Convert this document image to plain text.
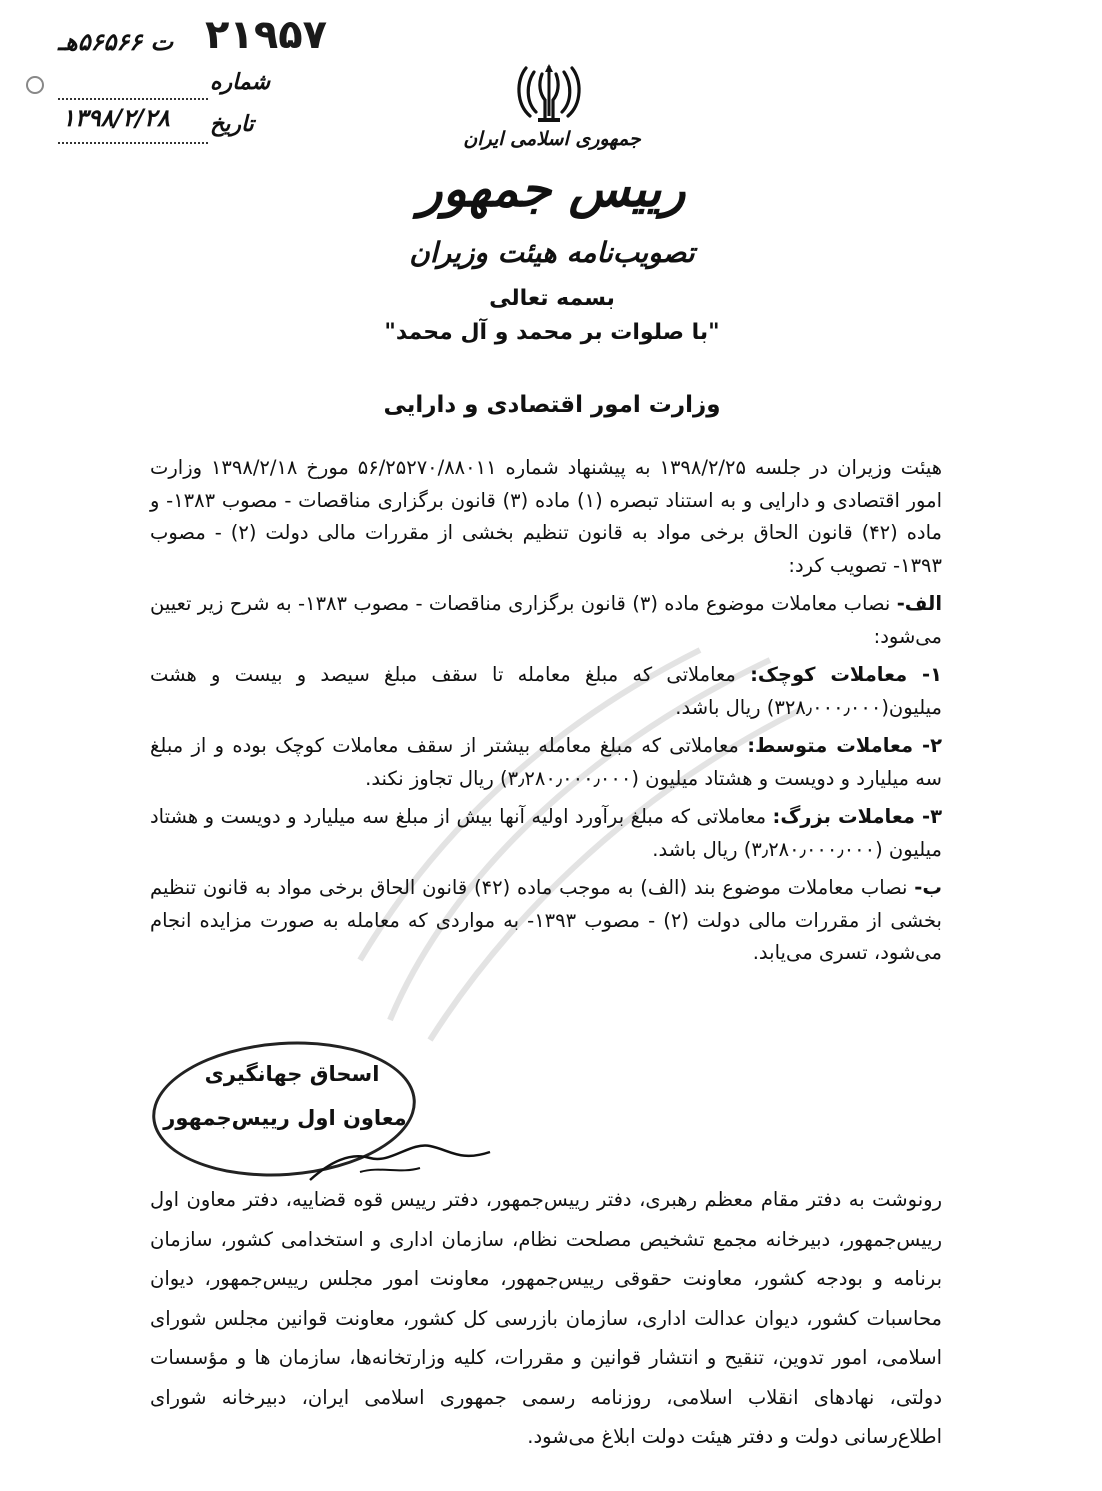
۲۱۹۵۷
ت ۵۶۵۶۶هـ
شماره
۱۳۹۸/۲/۲۸ تاریخ
جمهوری اسلامی ایران
رییس جمهور
تصویب‌نامه هیئت وزیران
بسمه تعالی
"با صلوات بر محمد و آل محمد"
وزارت امور اقتصادی و دارایی

هیئت وزیران در جلسه ۱۳۹۸/۲/۲۵ به پیشنهاد شماره ۵۶/۲۵۲۷۰/۸۸۰۱۱ مورخ ۱۳۹۸/۲/۱۸ وزارت امور اقتصادی و دارایی و به استناد تبصره (۱) ماده (۳) قانون برگزاری مناقصات - مصوب ۱۳۸۳- و ماده (۴۲) قانون الحاق برخی مواد به قانون تنظیم بخشی از مقررات مالی دولت (۲) - مصوب ۱۳۹۳- تصویب کرد:

الف- نصاب معاملات موضوع ماده (۳) قانون برگزاری مناقصات - مصوب ۱۳۸۳- به شرح زیر تعیین می‌شود:

۱- معاملات کوچک: معاملاتی که مبلغ معامله تا سقف مبلغ سیصد و بیست و هشت میلیون(۳۲۸٫۰۰۰٫۰۰۰) ریال باشد.

۲- معاملات متوسط: معاملاتی که مبلغ معامله بیشتر از سقف معاملات کوچک بوده و از مبلغ سه میلیارد و دویست و هشتاد میلیون (۳٫۲۸۰٫۰۰۰٫۰۰۰) ریال تجاوز نکند.

۳- معاملات بزرگ: معاملاتی که مبلغ برآورد اولیه آنها بیش از مبلغ سه میلیارد و دویست و هشتاد میلیون (۳٫۲۸۰٫۰۰۰٫۰۰۰) ریال باشد.

ب- نصاب معاملات موضوع بند (الف) به موجب ماده (۴۲) قانون الحاق برخی مواد به قانون تنظیم بخشی از مقررات مالی دولت (۲) - مصوب ۱۳۹۳- به مواردی که معامله به صورت مزایده انجام می‌شود، تسری می‌یابد.

اسحاق جهانگیری
معاون اول رییس‌جمهور
رونوشت به دفتر مقام معظم رهبری، دفتر رییس‌جمهور، دفتر رییس قوه قضاییه، دفتر معاون اول رییس‌جمهور، دبیرخانه مجمع تشخیص مصلحت نظام، سازمان اداری و استخدامی کشور، سازمان برنامه و بودجه کشور، معاونت حقوقی رییس‌جمهور، معاونت امور مجلس رییس‌جمهور، دیوان محاسبات کشور، دیوان عدالت اداری، سازمان بازرسی کل کشور، معاونت قوانین مجلس شورای اسلامی، امور تدوین، تنقیح و انتشار قوانین و مقررات، کلیه وزارتخانه‌ها، سازمان ها و مؤسسات دولتی، نهادهای انقلاب اسلامی، روزنامه رسمی جمهوری اسلامی ایران، دبیرخانه شورای اطلاع‌رسانی دولت و دفتر هیئت دولت ابلاغ می‌شود.
